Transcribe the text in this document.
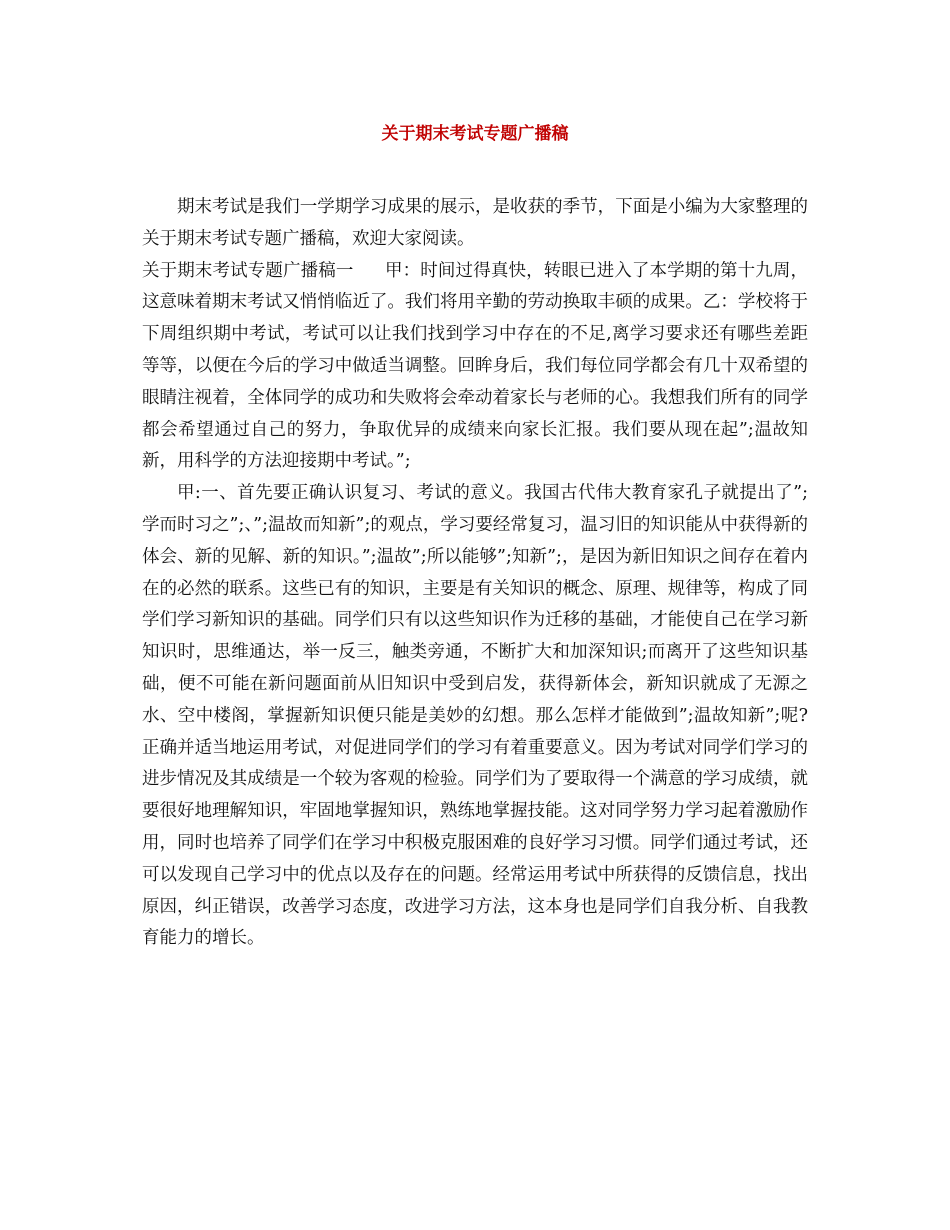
关于期末考试专题广播稿

期末考试是我们一学期学习成果的展示，是收获的季节，下面是小编为大家整理的关于期末考试专题广播稿，欢迎大家阅读。

关于期末考试专题广播稿一 甲：时间过得真快，转眼已进入了本学期的第十九周，这意味着期末考试又悄悄临近了。我们将用辛勤的劳动换取丰硕的成果。乙：学校将于下周组织期中考试，考试可以让我们找到学习中存在的不足,离学习要求还有哪些差距等等，以便在今后的学习中做适当调整。回眸身后，我们每位同学都会有几十双希望的眼睛注视着，全体同学的成功和失败将会牵动着家长与老师的心。我想我们所有的同学都会希望通过自己的努力，争取优异的成绩来向家长汇报。我们要从现在起”;温故知新，用科学的方法迎接期中考试。”;

甲:一、首先要正确认识复习、考试的意义。我国古代伟大教育家孔子就提出了”;学而时习之”;、”;温故而知新”;的观点，学习要经常复习，温习旧的知识能从中获得新的体会、新的见解、新的知识。”;温故”;所以能够”;知新”;，是因为新旧知识之间存在着内在的必然的联系。这些已有的知识，主要是有关知识的概念、原理、规律等，构成了同学们学习新知识的基础。同学们只有以这些知识作为迁移的基础，才能使自己在学习新知识时，思维通达，举一反三，触类旁通，不断扩大和加深知识;而离开了这些知识基础，便不可能在新问题面前从旧知识中受到启发，获得新体会，新知识就成了无源之水、空中楼阁，掌握新知识便只能是美妙的幻想。那么怎样才能做到”;温故知新”;呢?正确并适当地运用考试，对促进同学们的学习有着重要意义。因为考试对同学们学习的进步情况及其成绩是一个较为客观的检验。同学们为了要取得一个满意的学习成绩，就要很好地理解知识，牢固地掌握知识，熟练地掌握技能。这对同学努力学习起着激励作用，同时也培养了同学们在学习中积极克服困难的良好学习习惯。同学们通过考试，还可以发现自己学习中的优点以及存在的问题。经常运用考试中所获得的反馈信息，找出原因，纠正错误，改善学习态度，改进学习方法，这本身也是同学们自我分析、自我教育能力的增长。
